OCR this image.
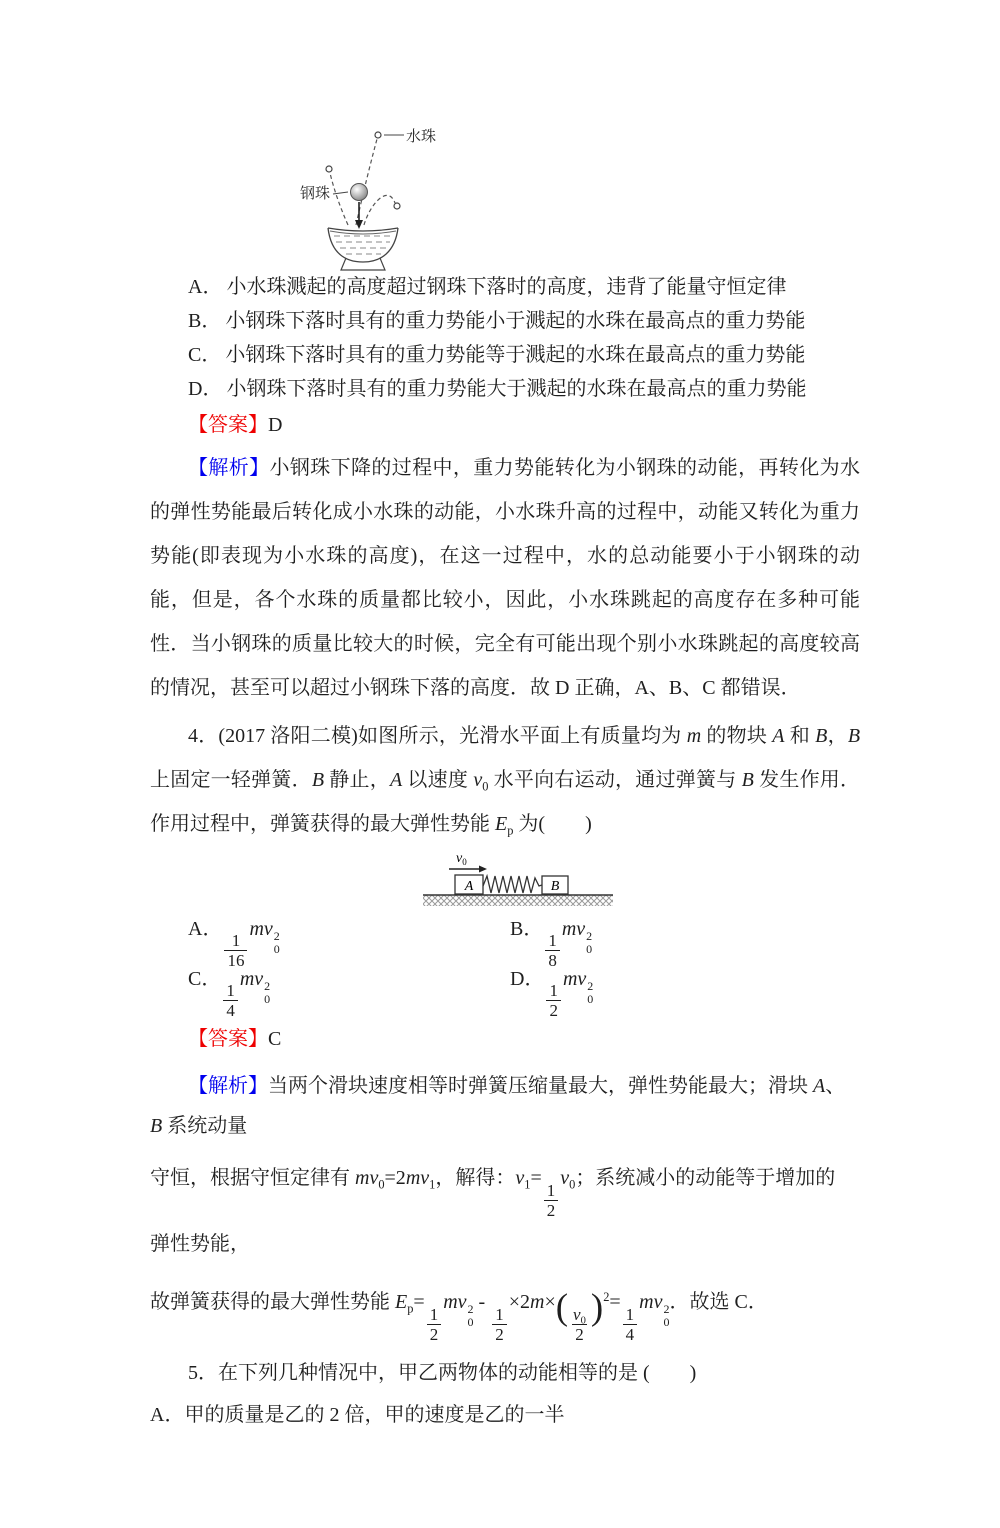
水珠
钢珠
A． 小水珠溅起的高度超过钢珠下落时的高度，违背了能量守恒定律
B． 小钢珠下落时具有的重力势能小于溅起的水珠在最高点的重力势能
C． 小钢珠下落时具有的重力势能等于溅起的水珠在最高点的重力势能
D． 小钢珠下落时具有的重力势能大于溅起的水珠在最高点的重力势能
【答案】D

【解析】小钢珠下降的过程中，重力势能转化为小钢珠的动能，再转化为水的弹性势能最后转化成小水珠的动能，小水珠升高的过程中，动能又转化为重力势能(即表现为小水珠的高度)，在这一过程中，水的总动能要小于小钢珠的动能，但是，各个水珠的质量都比较小，因此，小水珠跳起的高度存在多种可能性．当小钢珠的质量比较大的时候，完全有可能出现个别小水珠跳起的高度较高的情况，甚至可以超过小钢珠下落的高度．故 D 正确，A、B、C 都错误．

4．(2017 洛阳二模)如图所示，光滑水平面上有质量均为 m 的物块 A 和 B，B 上固定一轻弹簧．B 静止，A 以速度 $v_0$ 水平向右运动，通过弹簧与 B 发生作用．作用过程中，弹簧获得的最大弹性势能 $E_p$ 为(　　)

$v_0$
A	B
A．
$\frac{1}{16}$
mv 2
0
B．
$\frac{1}{8}$
mv 2
0
C．
$\frac{1}{4}$
mv 2
0
D．
$\frac{1}{2}$
mv 2
0
【答案】C
【解析】当两个滑块速度相等时弹簧压缩量最大，弹性势能最大；滑块 A、B 系统动量
守恒，根据守恒定律有 $mv_0=2mv_1$，解得：$v_1=$
$\frac{1}{2}$
$v_0$；系统减小的动能等于增加的弹性势能，
故弹簧获得的最大弹性势能 $E_p=$
$\frac{1}{2}$
mv 2
0
-
$\frac{1}{2}$
$\times 2m\times( \frac{v_0}{2} )^2=$
$\frac{1}{4}$
mv 2
0
．故选 C．
5．在下列几种情况中，甲乙两物体的动能相等的是 (　　)
A．甲的质量是乙的 2 倍，甲的速度是乙的一半
